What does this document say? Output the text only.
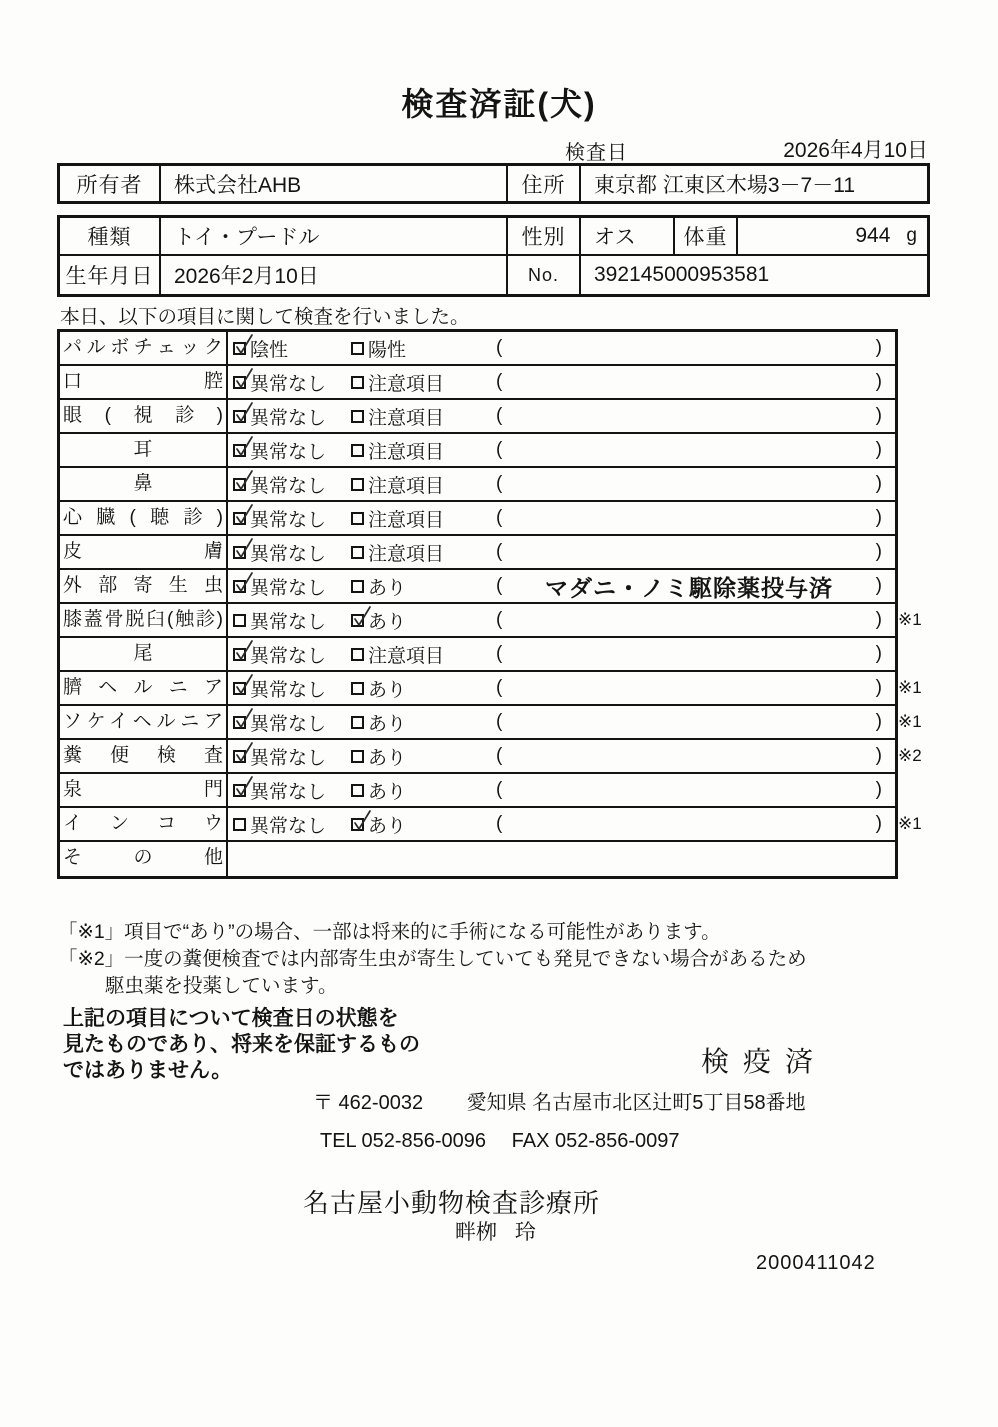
検査済証(犬)
検査日	2026年4月10日
所有者	株式会社AHB	住所	東京都 江東区木場3－7－11
種類	トイ・プードル	性別	オス	体重	944 g
生年月日 2026年2月10日	No.	392145000953581
本日、以下の項目に関して検査を行いました。
パルボチェック 陰性	陽性	(	)
口腔 異常なし 注意項目	(	)
眼(視診) 異常なし 注意項目	(	)
耳	異常なし 注意項目	(	)
鼻	異常なし 注意項目	(	)
心臓(聴診) 異常なし 注意項目	(	)
皮膚 異常なし 注意項目	(	)
外部寄生虫 異常なし あり	(	マダニ・ノミ駆除薬投与済	)
膝蓋骨脱臼(触診) 異常なし あり	(	) ※1
尾	異常なし 注意項目	(	)
臍ヘルニア 異常なし あり	(	) ※1
ソケイヘルニア 異常なし あり	(	) ※1
糞便検査 異常なし あり	(	) ※2
泉門 異常なし あり	(	)
インコウ 異常なし あり	(	) ※1
その他
「※1」項目で“あり”の場合、一部は将来的に手術になる可能性があります。
「※2」一度の糞便検査では内部寄生虫が寄生していても発見できない場合があるため
駆虫薬を投薬しています。
上記の項目について検査日の状態を
見たものであり、将来を保証するもの
ではありません。	検疫済
〒 462-0032 愛知県 名古屋市北区辻町5丁目58番地
TEL 052-856-0096 FAX 052-856-0097
名古屋小動物検査診療所
畔栁 玲
2000411042
